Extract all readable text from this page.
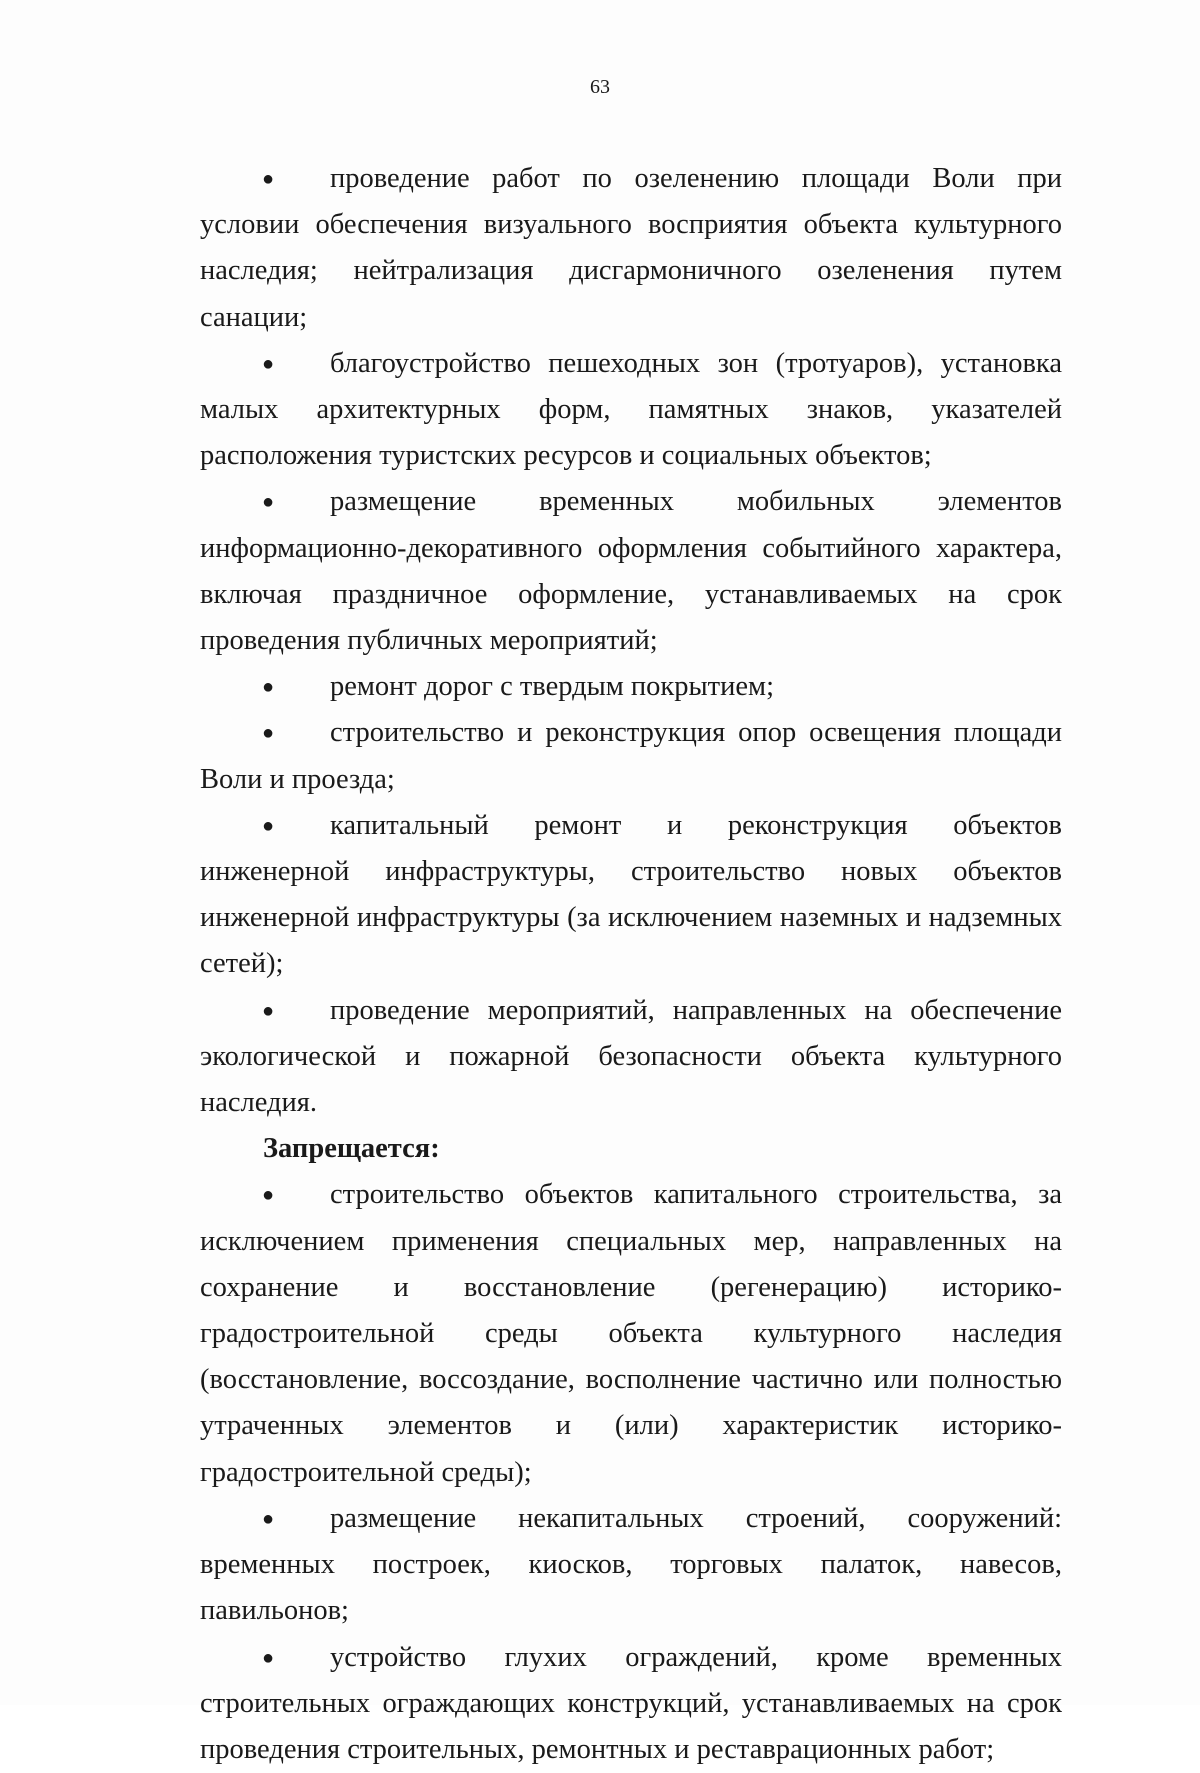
63

● проведение работ по озеленению площади Воли при условии обеспечения визуального восприятия объекта культурного наследия; нейтрализация дисгармоничного озеленения путем санации;

● благоустройство пешеходных зон (тротуаров), установка малых архитектурных форм, памятных знаков, указателей расположения туристских ресурсов и социальных объектов;

● размещение временных мобильных элементов информационно-декоративного оформления событийного характера, включая праздничное оформление, устанавливаемых на срок проведения публичных мероприятий;

● ремонт дорог с твердым покрытием;

● строительство и реконструкция опор освещения площади Воли и проезда;

● капитальный ремонт и реконструкция объектов инженерной инфраструктуры, строительство новых объектов инженерной инфраструктуры (за исключением наземных и надземных сетей);

● проведение мероприятий, направленных на обеспечение экологической и пожарной безопасности объекта культурного наследия.

Запрещается:

● строительство объектов капитального строительства, за исключением применения специальных мер, направленных на сохранение и восстановление (регенерацию) историко-градостроительной среды объекта культурного наследия (восстановление, воссоздание, восполнение частично или полностью утраченных элементов и (или) характеристик историко-градостроительной среды);

● размещение некапитальных строений, сооружений: временных построек, киосков, торговых палаток, навесов, павильонов;

● устройство глухих ограждений, кроме временных строительных ограждающих конструкций, устанавливаемых на срок проведения строительных, ремонтных и реставрационных работ;
